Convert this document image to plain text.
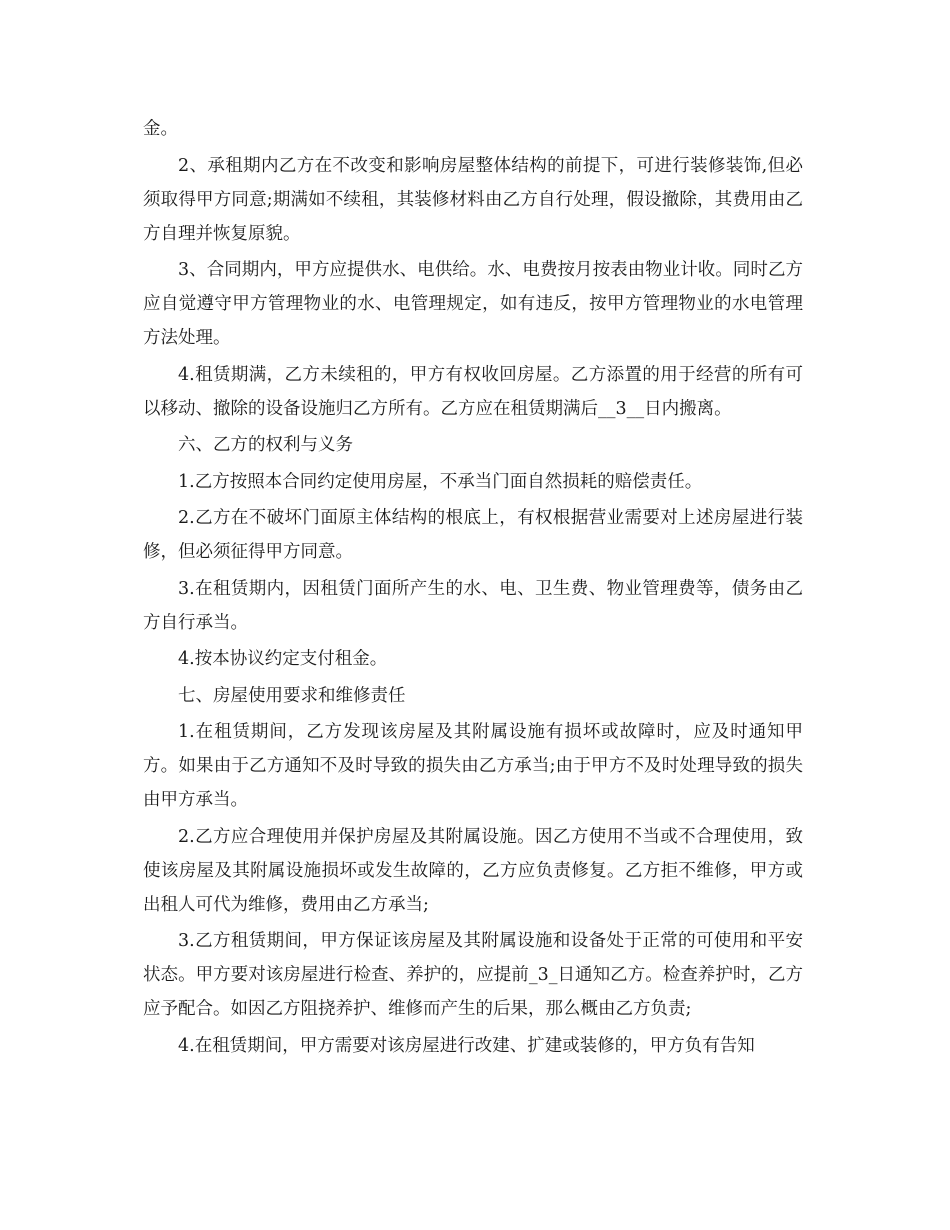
金。

2、承租期内乙方在不改变和影响房屋整体结构的前提下，可进行装修装饰,但必须取得甲方同意;期满如不续租，其装修材料由乙方自行处理，假设撤除，其费用由乙方自理并恢复原貌。

3、合同期内，甲方应提供水、电供给。水、电费按月按表由物业计收。同时乙方应自觉遵守甲方管理物业的水、电管理规定，如有违反，按甲方管理物业的水电管理方法处理。

4.租赁期满，乙方未续租的，甲方有权收回房屋。乙方添置的用于经营的所有可以移动、撤除的设备设施归乙方所有。乙方应在租赁期满后__3__日内搬离。

六、乙方的权利与义务

1.乙方按照本合同约定使用房屋，不承当门面自然损耗的赔偿责任。

2.乙方在不破坏门面原主体结构的根底上，有权根据营业需要对上述房屋进行装修，但必须征得甲方同意。

3.在租赁期内，因租赁门面所产生的水、电、卫生费、物业管理费等，债务由乙方自行承当。

4.按本协议约定支付租金。

七、房屋使用要求和维修责任

1.在租赁期间，乙方发现该房屋及其附属设施有损坏或故障时，应及时通知甲方。如果由于乙方通知不及时导致的损失由乙方承当;由于甲方不及时处理导致的损失由甲方承当。

2.乙方应合理使用并保护房屋及其附属设施。因乙方使用不当或不合理使用，致使该房屋及其附属设施损坏或发生故障的，乙方应负责修复。乙方拒不维修，甲方或出租人可代为维修，费用由乙方承当;

3.乙方租赁期间，甲方保证该房屋及其附属设施和设备处于正常的可使用和平安状态。甲方要对该房屋进行检查、养护的，应提前_3_日通知乙方。检查养护时，乙方应予配合。如因乙方阻挠养护、维修而产生的后果，那么概由乙方负责;

4.在租赁期间，甲方需要对该房屋进行改建、扩建或装修的，甲方负有告知
